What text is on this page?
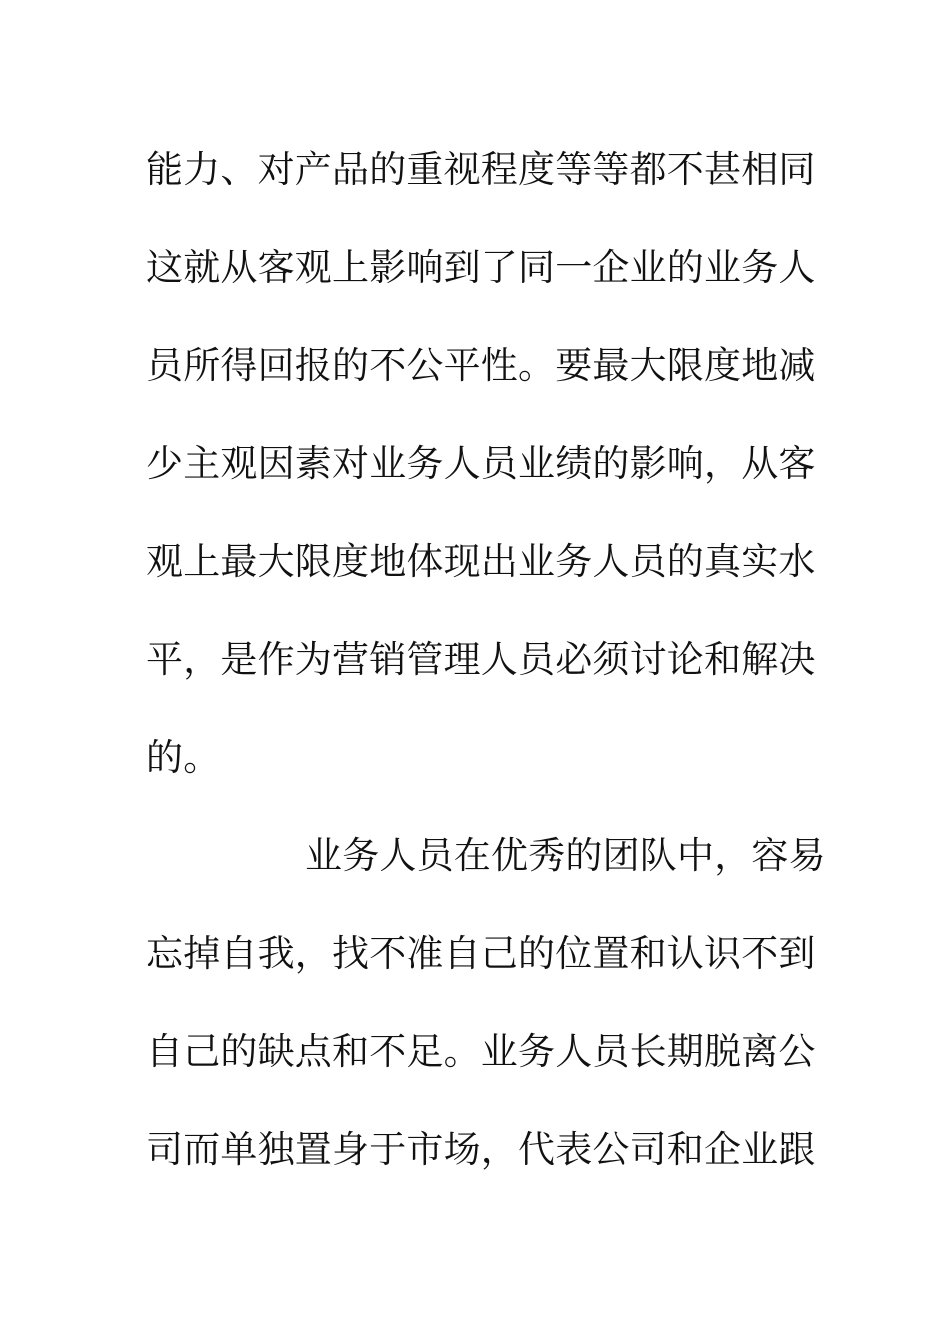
能力、对产品的重视程度等等都不甚相同
这就从客观上影响到了同一企业的业务人
员所得回报的不公平性。要最大限度地减
少主观因素对业务人员业绩的影响，从客
观上最大限度地体现出业务人员的真实水
平，是作为营销管理人员必须讨论和解决
的。
业务人员在优秀的团队中，容易
忘掉自我，找不准自己的位置和认识不到
自己的缺点和不足。业务人员长期脱离公
司而单独置身于市场，代表公司和企业跟
